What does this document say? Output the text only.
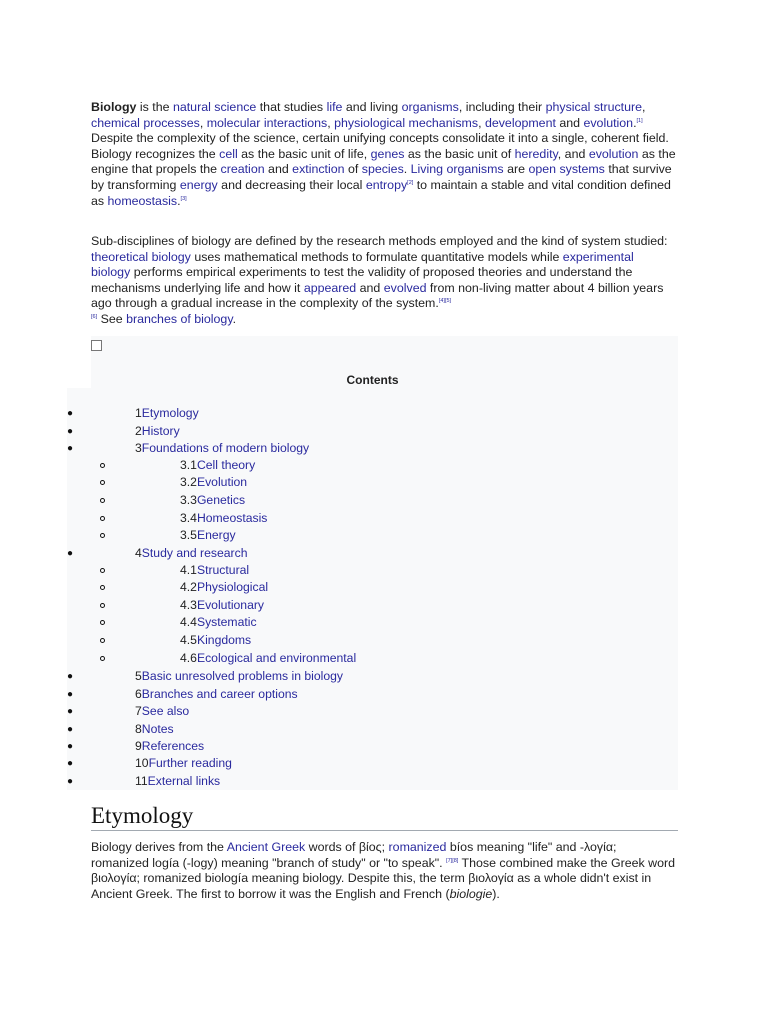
Biology is the natural science that studies life and living organisms, including their physical structure, chemical processes, molecular interactions, physiological mechanisms, development and evolution.[1] Despite the complexity of the science, certain unifying concepts consolidate it into a single, coherent field. Biology recognizes the cell as the basic unit of life, genes as the basic unit of heredity, and evolution as the engine that propels the creation and extinction of species. Living organisms are open systems that survive by transforming energy and decreasing their local entropy[2] to maintain a stable and vital condition defined as homeostasis.[3]

Sub-disciplines of biology are defined by the research methods employed and the kind of system studied: theoretical biology uses mathematical methods to formulate quantitative models while experimental biology performs empirical experiments to test the validity of proposed theories and understand the mechanisms underlying life and how it appeared and evolved from non-living matter about 4 billion years ago through a gradual increase in the complexity of the system.[4][5]
[6] See branches of biology.

Contents
●	1Etymology
●	2History
●	3Foundations of modern biology
3.1Cell theory
3.2Evolution
3.3Genetics
3.4Homeostasis
3.5Energy
●	4Study and research
4.1Structural
4.2Physiological
4.3Evolutionary
4.4Systematic
4.5Kingdoms
4.6Ecological and environmental
●	5Basic unresolved problems in biology
●	6Branches and career options
●	7See also
●	8Notes
●	9References
●	10Further reading
●	11External links
Etymology

Biology derives from the Ancient Greek words of βίος; romanized bíos meaning "life" and -λογία; romanized logía (-logy) meaning "branch of study" or "to speak". [7][8] Those combined make the Greek word βιολογία; romanized biología meaning biology. Despite this, the term βιολογία as a whole didn't exist in Ancient Greek. The first to borrow it was the English and French (biologie).
